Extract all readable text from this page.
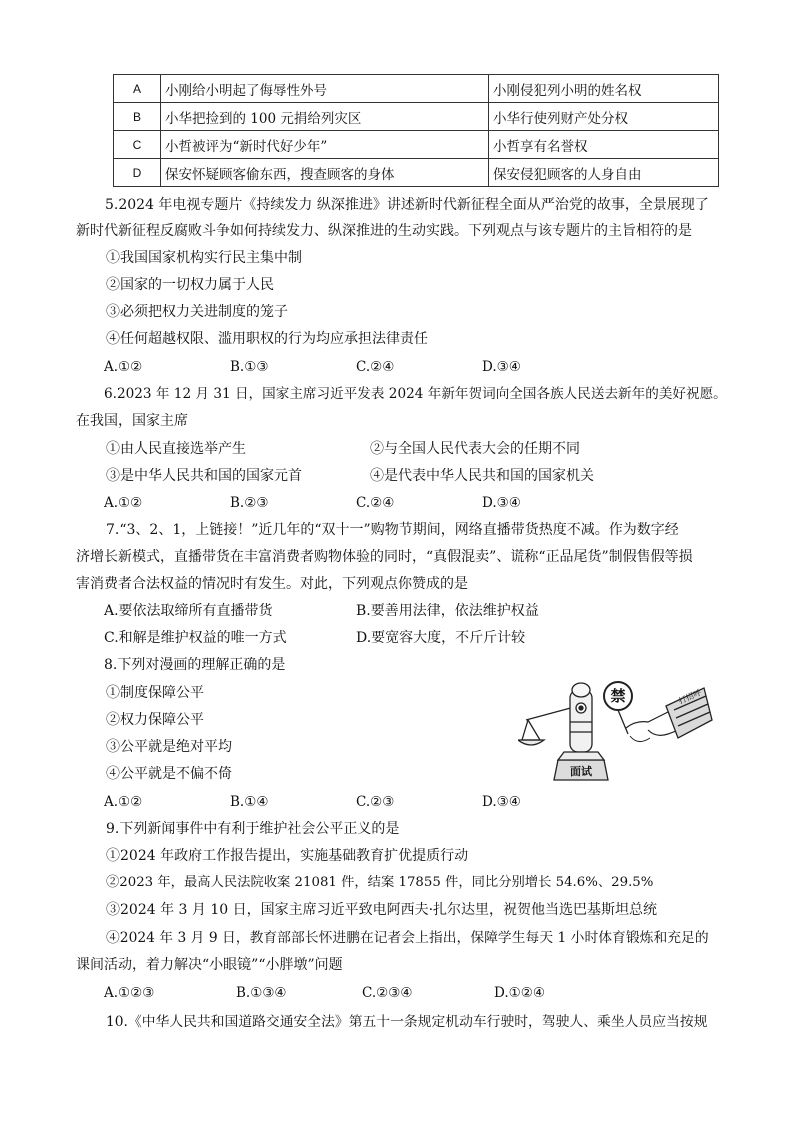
A	小刚给小明起了侮辱性外号	小刚侵犯列小明的姓名权
B	小华把捡到的 100 元捐给列灾区	小华行使列财产处分权
C	小哲被评为“新时代好少年”	小哲享有名誉权
D	保安怀疑顾客偷东西，搜查顾客的身体	保安侵犯顾客的人身自由
5.2024 年电视专题片《持续发力 纵深推进》讲述新时代新征程全面从严治党的故事，全景展现了
新时代新征程反腐败斗争如何持续发力、纵深推进的生动实践。下列观点与该专题片的主旨相符的是
①我国国家机构实行民主集中制
②国家的一切权力属于人民
③必须把权力关进制度的笼子
④任何超越权限、滥用职权的行为均应承担法律责任
A.①②	B.①③	C.②④	D.③④
6.2023 年 12 月 31 日，国家主席习近平发表 2024 年新年贺词向全国各族人民送去新年的美好祝愿。
在我国，国家主席
①由人民直接选举产生	②与全国人民代表大会的任期不同
③是中华人民共和国的国家元首	④是代表中华人民共和国的国家机关
A.①②	B.②③	C.②④	D.③④
7.“3、2、1，上链接！”近几年的“双十一”购物节期间，网络直播带货热度不减。作为数字经
济增长新模式，直播带货在丰富消费者购物体验的同时，“真假混卖”、谎称“正品尾货”制假售假等损
害消费者合法权益的情况时有发生。对此，下列观点你赞成的是
A.要依法取缔所有直播带货	B.要善用法律，依法维护权益
C.和解是维护权益的唯一方式	D.要宽容大度，不斤斤计较
8.下列对漫画的理解正确的是
①制度保障公平
②权力保障公平
③公平就是绝对平均
④公平就是不偏不倚
A.①②	B.①④	C.②③	D.③④
禁
面试
打招呼
9.下列新闻事件中有利于维护社会公平正义的是
①2024 年政府工作报告提出，实施基础教育扩优提质行动
②2023 年，最高人民法院收案 21081 件，结案 17855 件，同比分别增长 54.6%、29.5%
③2024 年 3 月 10 日，国家主席习近平致电阿西夫·扎尔达里，祝贺他当选巴基斯坦总统
④2024 年 3 月 9 日，教育部部长怀进鹏在记者会上指出，保障学生每天 1 小时体育锻炼和充足的
课间活动，着力解决“小眼镜”“小胖墩”问题
A.①②③	B.①③④	C.②③④	D.①②④
10.《中华人民共和国道路交通安全法》第五十一条规定机动车行驶时，驾驶人、乘坐人员应当按规
